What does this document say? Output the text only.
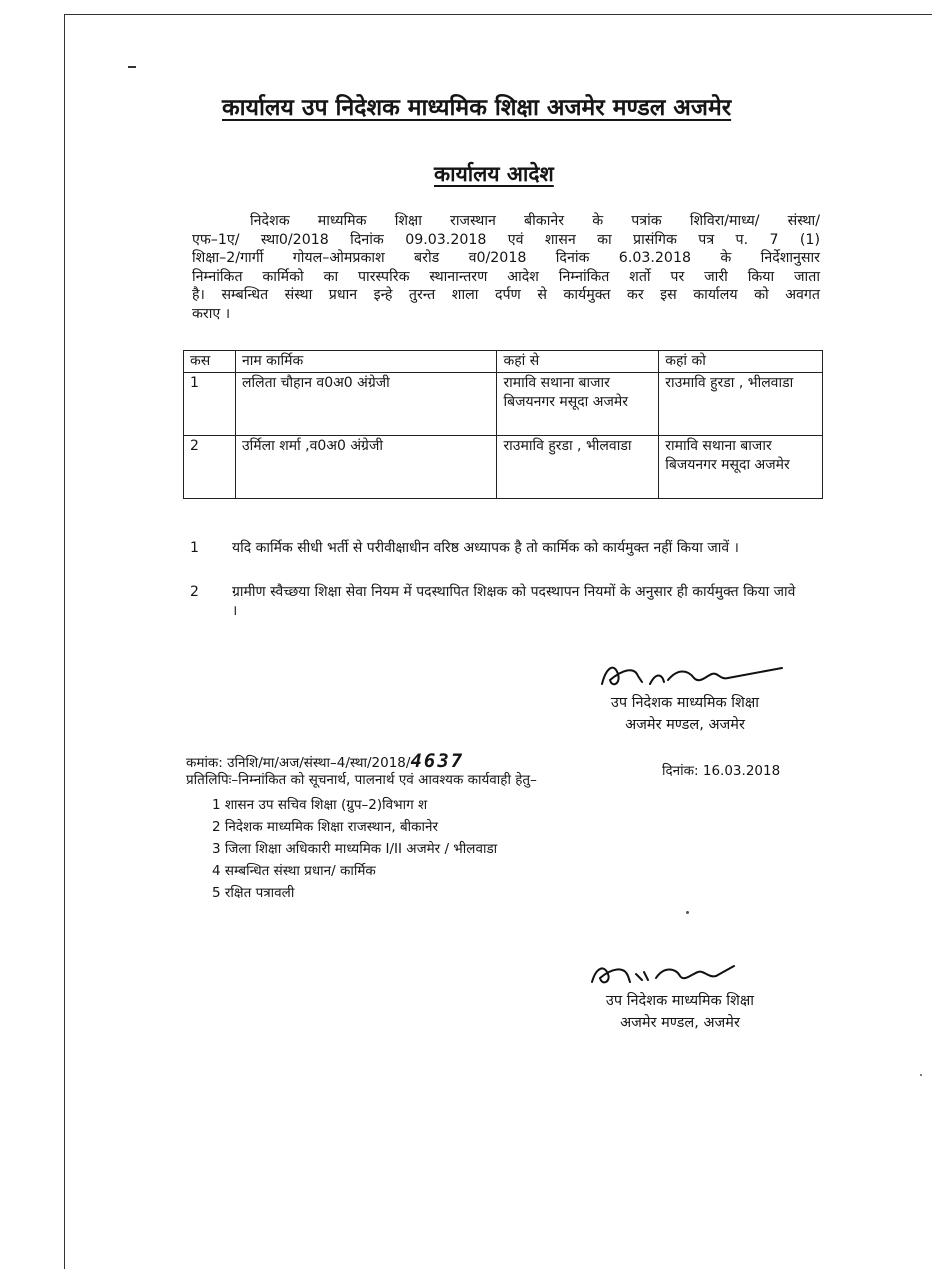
कार्यालय उप निदेशक माध्यमिक शिक्षा अजमेर मण्डल अजमेर
कार्यालय आदेश
निदेशक माध्यमिक शिक्षा राजस्थान बीकानेर के पत्रांक शिविरा/माध्य/ संस्था/
एफ–1ए/ स्था0/2018 दिनांक 09.03.2018 एवं शासन का प्रासंगिक पत्र प. 7 (1)
शिक्षा–2/गार्गी गोयल–ओमप्रकाश बरोड व0/2018 दिनांक 6.03.2018 के निर्देशानुसार
निम्नांकित कार्मिको का पारस्परिक स्थानान्तरण आदेश निम्नांकित शर्तो पर जारी किया जाता
है। सम्बन्धित संस्था प्रधान इन्हे तुरन्त शाला दर्पण से कार्यमुक्त कर इस कार्यालय को अवगत
कराए ।
कस	नाम कार्मिक	कहां से	कहां को
1	ललिता चौहान व0अ0 अंग्रेजी	रामावि सथाना बाजार बिजयनगर मसूदा अजमेर	राउमावि हुरडा , भीलवाडा
2	उर्मिला शर्मा ,व0अ0 अंग्रेजी	राउमावि हुरडा , भीलवाडा	रामावि सथाना बाजार बिजयनगर मसूदा अजमेर
1 यदि कार्मिक सीधी भर्ती से परीवीक्षाधीन वरिष्ठ अध्यापक है तो कार्मिक को कार्यमुक्त नहीं किया जावें ।
2 ग्रामीण स्वैच्छया शिक्षा सेवा नियम में पदस्थापित शिक्षक को पदस्थापन नियमों के अनुसार ही कार्यमुक्त किया जावे ।
उप निदेशक माध्यमिक शिक्षा
अजमेर मण्डल, अजमेर
कमांक: उनिशि/मा/अज/संस्था–4/स्था/2018/4637	दिनांक: 16.03.2018
प्रतिलिपिः–निम्नांकित को सूचनार्थ, पालनार्थ एवं आवश्यक कार्यवाही हेतु–
1 शासन उप सचिव शिक्षा (ग्रुप–2)विभाग श
2 निदेशक माध्यमिक शिक्षा राजस्थान, बीकानेर
3 जिला शिक्षा अधिकारी माध्यमिक I/II अजमेर / भीलवाडा
4 सम्बन्धित संस्था प्रधान/ कार्मिक
5 रक्षित पत्रावली
उप निदेशक माध्यमिक शिक्षा
अजमेर मण्डल, अजमेर
